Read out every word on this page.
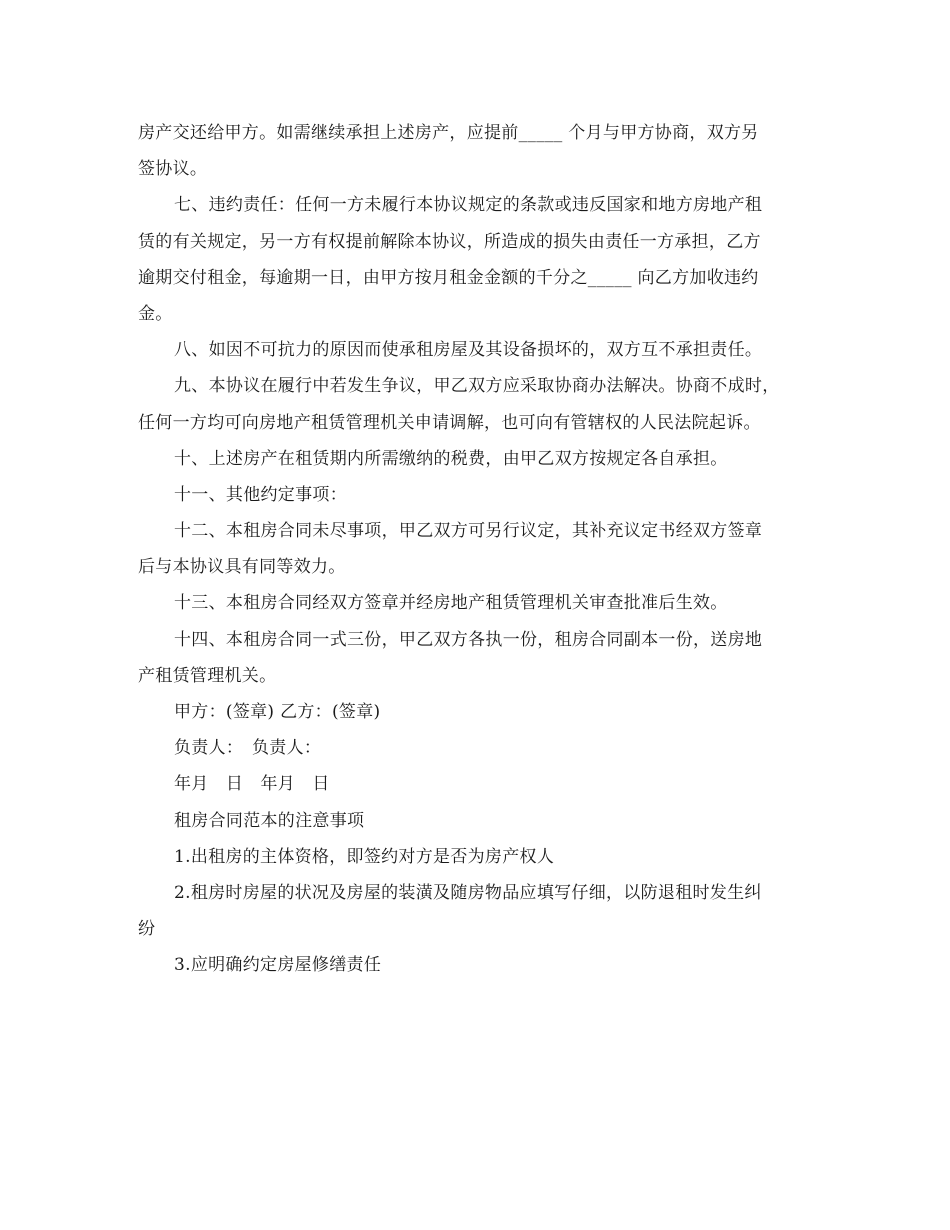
房产交还给甲方。如需继续承担上述房产，应提前_____ 个月与甲方协商，双方另
签协议。
七、违约责任：任何一方未履行本协议规定的条款或违反国家和地方房地产租
赁的有关规定，另一方有权提前解除本协议，所造成的损失由责任一方承担，乙方
逾期交付租金，每逾期一日，由甲方按月租金金额的千分之_____ 向乙方加收违约
金。
八、如因不可抗力的原因而使承租房屋及其设备损坏的，双方互不承担责任。
九、本协议在履行中若发生争议，甲乙双方应采取协商办法解决。协商不成时，
任何一方均可向房地产租赁管理机关申请调解，也可向有管辖权的人民法院起诉。
十、上述房产在租赁期内所需缴纳的税费，由甲乙双方按规定各自承担。
十一、其他约定事项：
十二、本租房合同未尽事项，甲乙双方可另行议定，其补充议定书经双方签章
后与本协议具有同等效力。
十三、本租房合同经双方签章并经房地产租赁管理机关审查批准后生效。
十四、本租房合同一式三份，甲乙双方各执一份，租房合同副本一份，送房地
产租赁管理机关。
甲方：(签章) 乙方：(签章)
负责人：　负责人：
年月　日　年月　日
租房合同范本的注意事项
1.出租房的主体资格，即签约对方是否为房产权人
2.租房时房屋的状况及房屋的装潢及随房物品应填写仔细，以防退租时发生纠
纷
3.应明确约定房屋修缮责任
